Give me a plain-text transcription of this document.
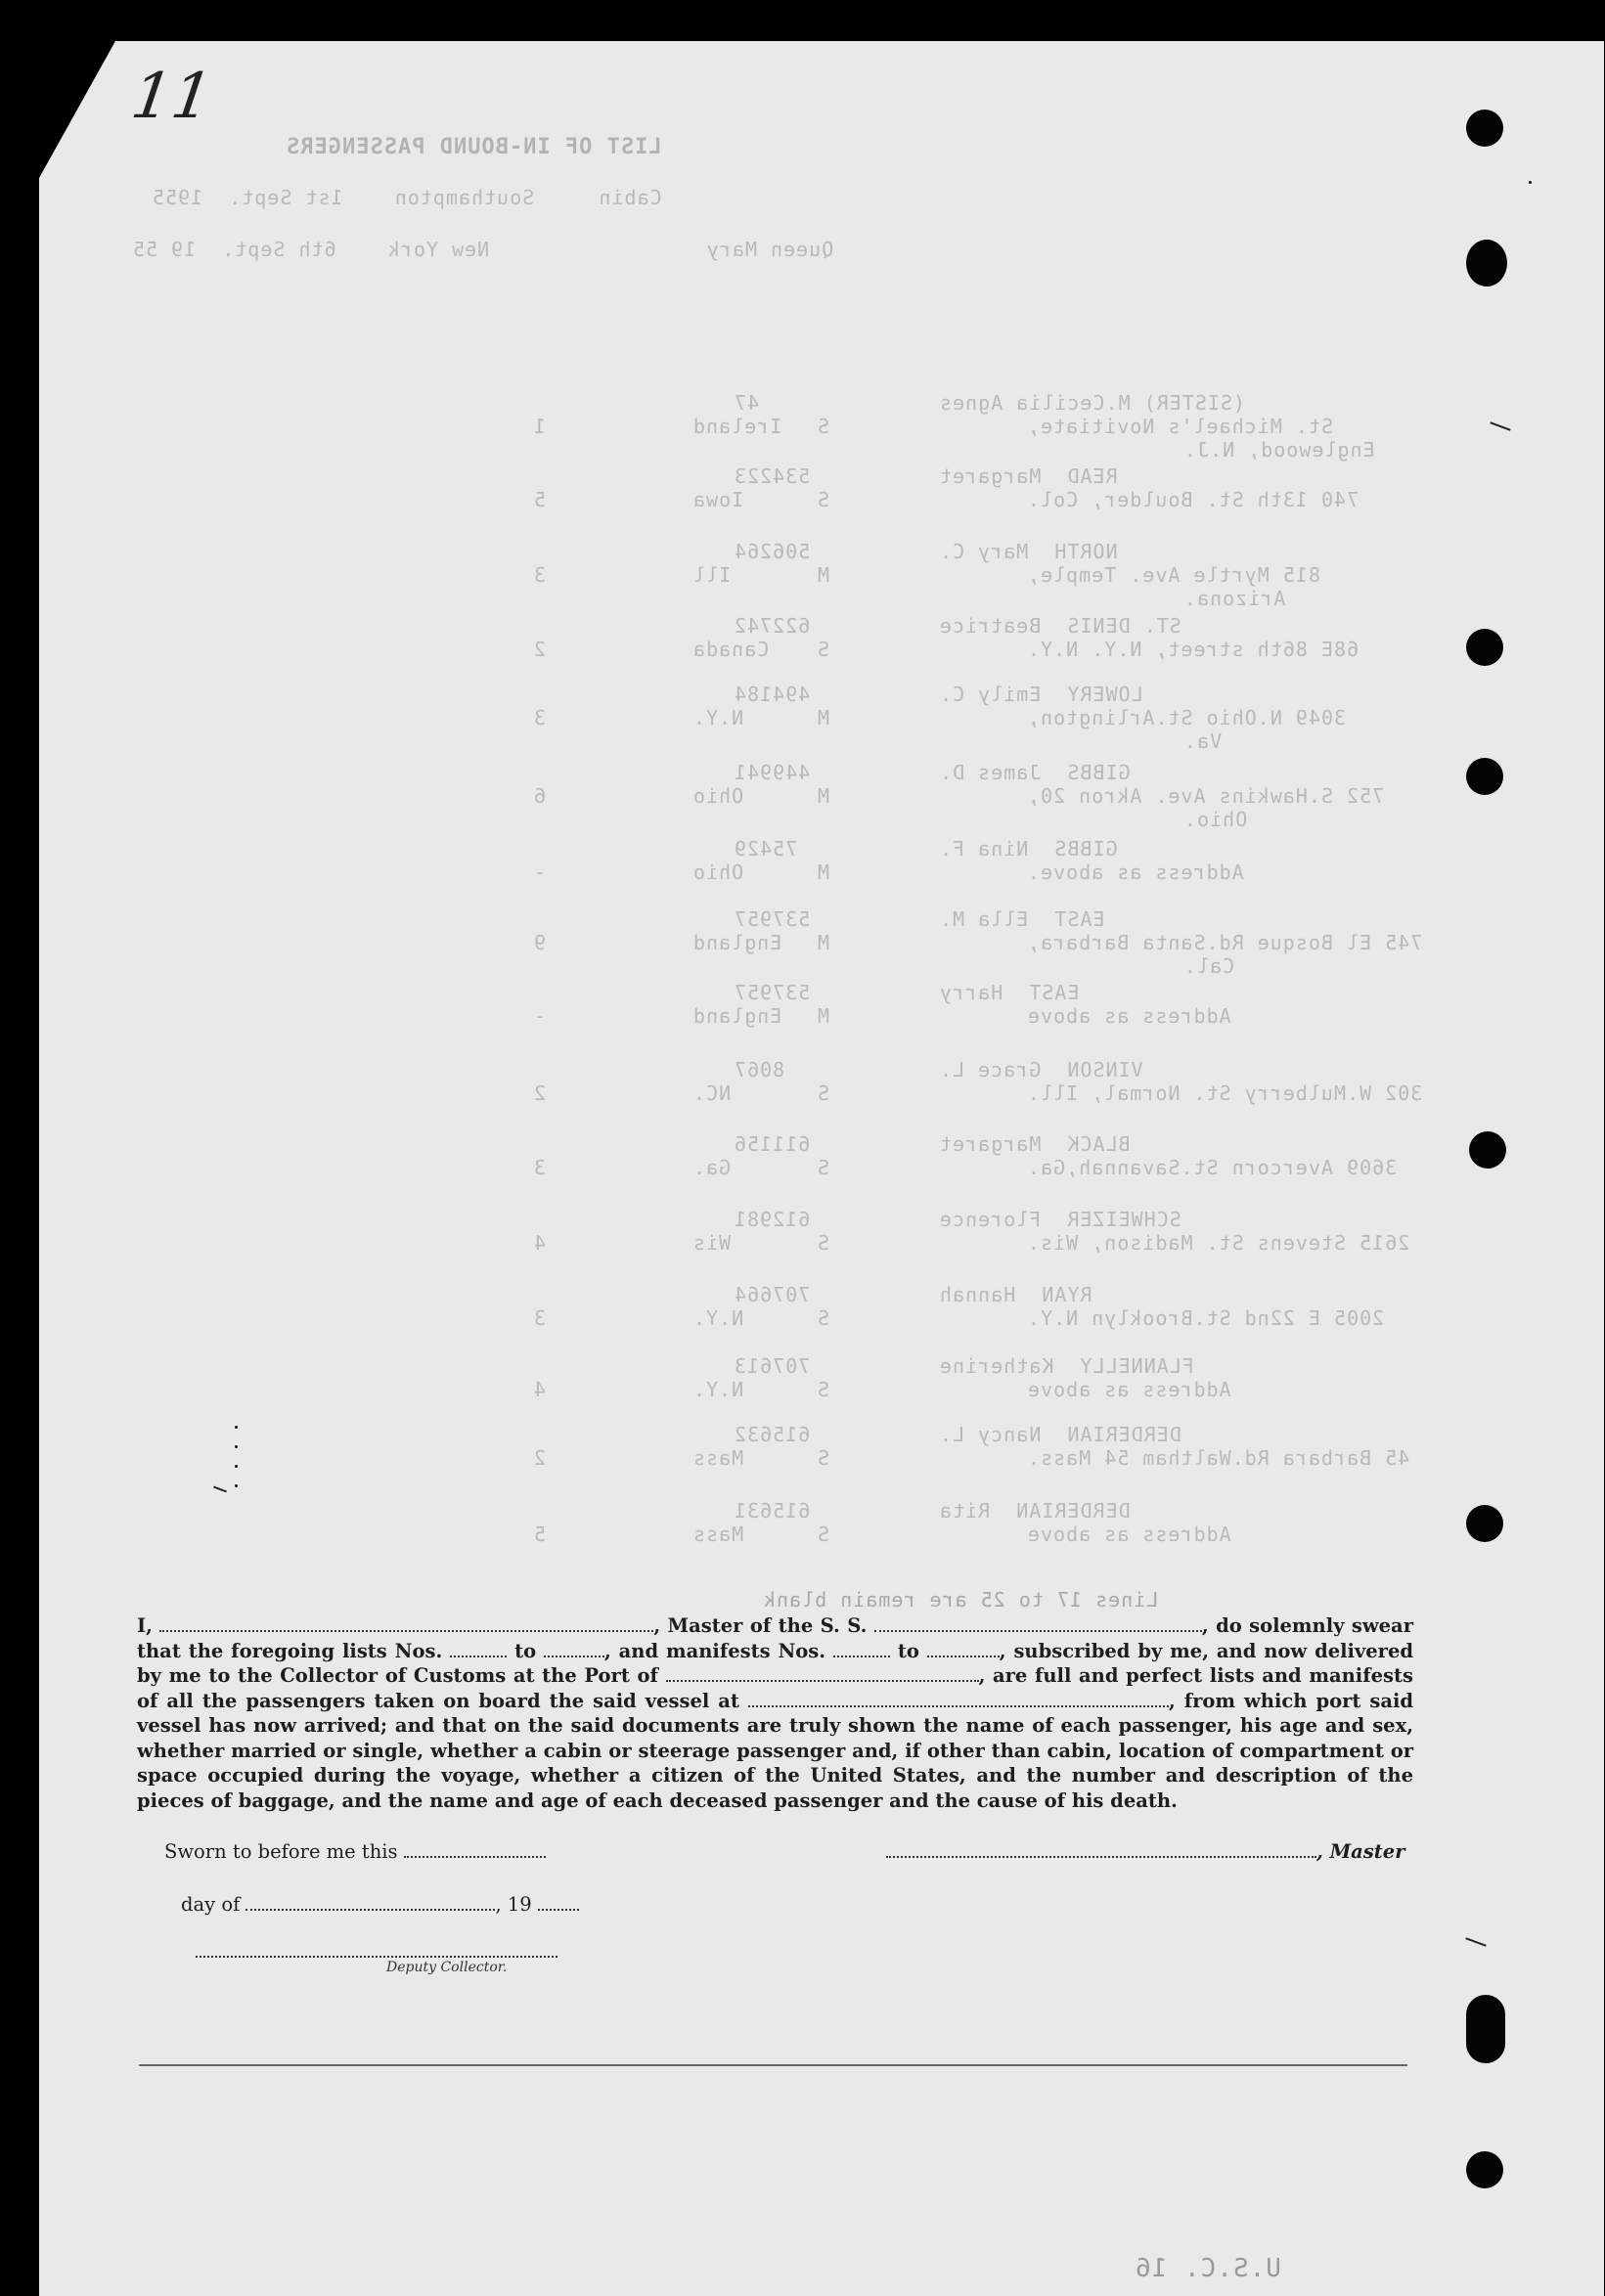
11
LIST OF IN-BOUND PASSENGERS
Cabin     Southampton    1st Sept.  1955
Queen Mary                 New York    6th Sept.  19 55
47	(SISTER) M.Cecilia Agnes
1	Ireland S	St. Michael's Novitiate,
Englewood, N.J.
534223	READ  Margaret
5	Iowa	S	740 13th St. Boulder, Col.
506264	NORTH  Mary C.
3	Ill	M	815 Myrtle Ave. Temple,
Arizona.
622742	ST. DENIS  Beatrice
2	Canada S	68E 86th street, N.Y. N.Y.
494184	LOWERY  Emily C.
3	N.Y.	M	3049 N.Ohio St.Arlington,
Va.
449941	GIBBS  James D.
6	Ohio	M	752 S.Hawkins Ave. Akron 20,
Ohio.
75429	GIBBS  Nina F.
-	Ohio	M	Address as above.
537957	EAST  Ella M.
9	England M	745 El Bosque Rd.Santa Barbara,
Cal.
537957	EAST  Harry
-	England M	Address as above
8067	VINSON  Grace L.
2	NC.	S	302 W.Mulberry St. Normal, Ill.
611156	BLACK  Margaret
3	Ga.	S	3609 Avercorn St.Savannah,Ga.
612981	SCHWEIZER  Florence
4	Wis	S	2615 Stevens St. Madison, Wis.
707664	RYAN  Hannah
3	N.Y.	S	2005 E 22nd St.Brooklyn N.Y.
707613	FLANNELLY  Katherine
4	N.Y.	S	Address as above
615632	DERDERIAN  Nancy L.
2	Mass	S	45 Barbara Rd.Waltham 54 Mass.
615631	DERDERIAN  Rita
5	Mass	S	Address as above
Lines 17 to 25 are remain blank
U.S.C. 16

I,	, Master of the S. S.	, do solemnly swear that the foregoing lists Nos.	to	, and manifests Nos.	to	, subscribed by me, and now delivered by me to the Collector of Customs at the Port of	, are full and perfect lists and manifests of all the passengers taken on board the said vessel at	, from which port said vessel has now arrived; and that on the said documents are truly shown the name of each passenger, his age and sex, whether married or single, whether a cabin or steerage passenger and, if other than cabin, location of compartment or space occupied during the voyage, whether a citizen of the United States, and the number and description of the pieces of baggage, and the name and age of each deceased passenger and the cause of his death.

Sworn to before me this	, Master
day of	, 19
Deputy Collector.
